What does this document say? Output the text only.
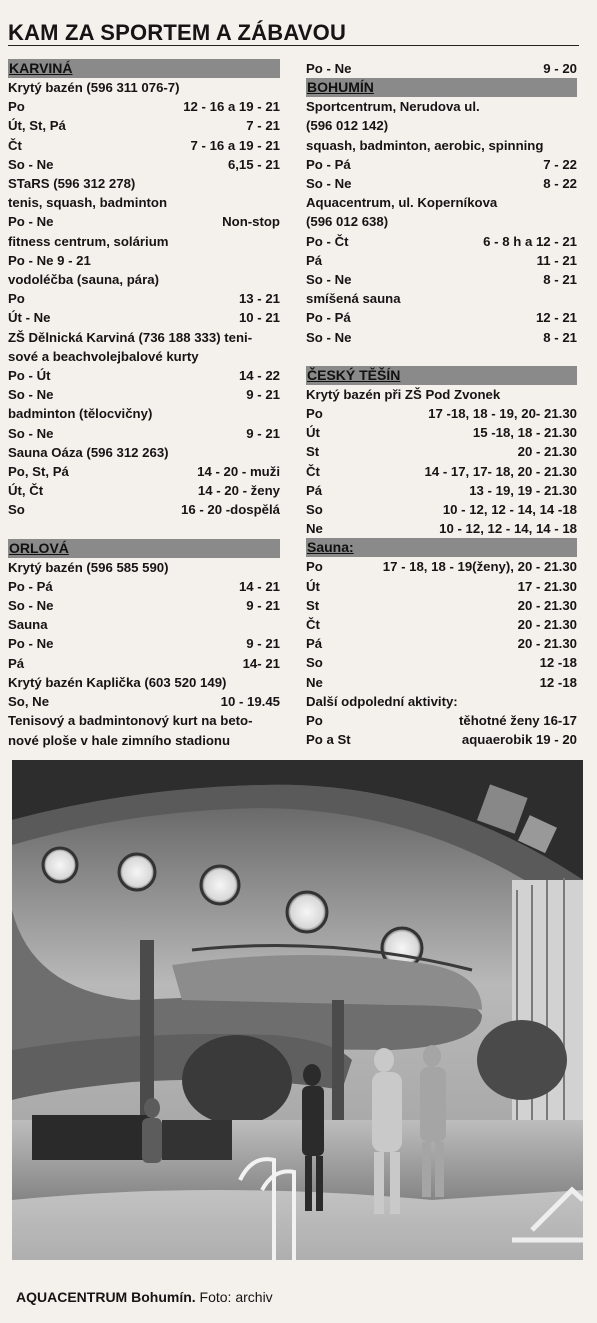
KAM ZA SPORTEM A ZÁBAVOU
KARVINÁ
Krytý bazén (596 311 076-7)
Po	12 - 16 a 19 - 21
Út, St, Pá	7 - 21
Čt	7 - 16 a 19 - 21
So - Ne	6,15 - 21
STaRS (596 312 278)
tenis, squash, badminton
Po - Ne	Non-stop
fitness centrum, solárium
Po - Ne 9 - 21
vodoléčba (sauna, pára)
Po	13 - 21
Út - Ne	10 - 21
ZŠ Dělnická Karviná (736 188 333) teni-
sové a beachvolejbalové kurty
Po - Út	14 - 22
So - Ne	9 - 21
badminton (tělocvičny)
So - Ne	9 - 21
Sauna Oáza (596 312 263)
Po, St, Pá	14 - 20 - muži
Út, Čt	14 - 20 - ženy
So	16 - 20 -dospělá
ORLOVÁ
Krytý bazén (596 585 590)
Po - Pá	14 - 21
So - Ne	9 - 21
Sauna
Po - Ne	9 - 21
Pá	14- 21
Krytý bazén Kaplička (603 520 149)
So, Ne	10 - 19.45
Tenisový a badmintonový kurt na beto-
nové ploše v hale zimního stadionu
Po - Ne	9 - 20
BOHUMÍN
Sportcentrum, Nerudova ul.
(596 012 142)
squash, badminton, aerobic, spinning
Po - Pá	7 - 22
So - Ne	8 - 22
Aquacentrum, ul. Koperníkova
(596 012 638)
Po - Čt	6 - 8 h a 12 - 21
Pá	11 - 21
So - Ne	8 - 21
smíšená sauna
Po - Pá	12 - 21
So - Ne	8 - 21
ČESKÝ TĚŠÍN
Krytý bazén při ZŠ Pod Zvonek
Po	17 -18, 18 - 19, 20- 21.30
Út	15 -18, 18 - 21.30
St	20 - 21.30
Čt	14 - 17, 17- 18, 20 - 21.30
Pá	13 - 19, 19 - 21.30
So	10 - 12, 12 - 14, 14 -18
Ne	10 - 12, 12 - 14, 14 - 18
Sauna:
Po	17 - 18, 18 - 19(ženy), 20 - 21.30
Út	17 - 21.30
St	20 - 21.30
Čt	20 - 21.30
Pá	20 - 21.30
So	12 -18
Ne	12 -18
Další odpolední aktivity:
Po	těhotné ženy 16-17
Po a St	aquaerobik 19 - 20
AQUACENTRUM Bohumín. Foto: archiv
